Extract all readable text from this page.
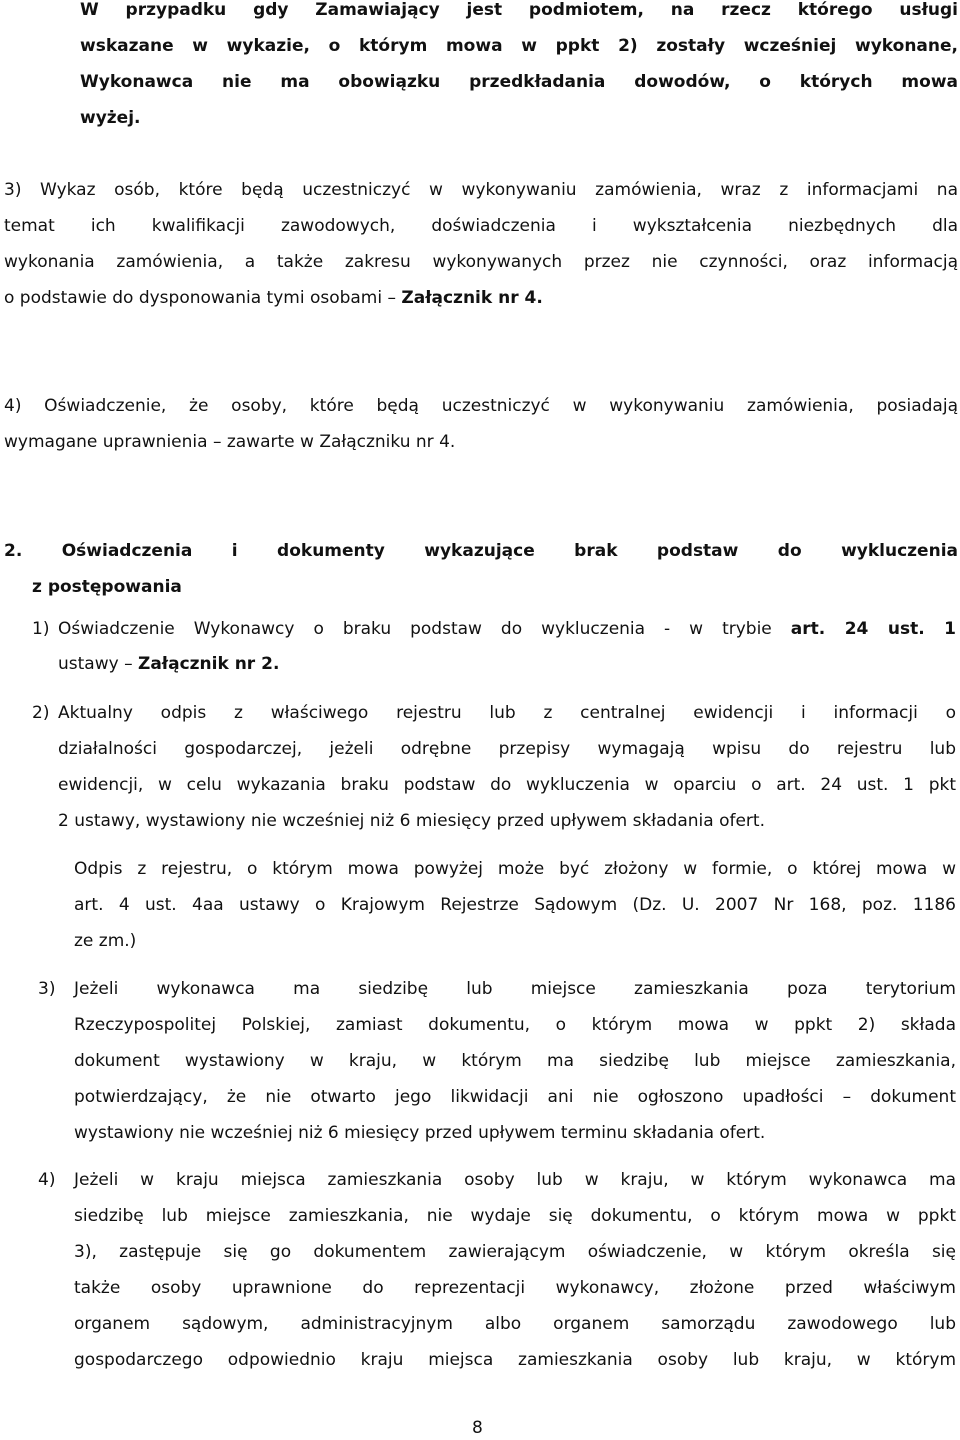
W przypadku gdy Zamawiający jest podmiotem, na rzecz którego usługi
wskazane w wykazie, o którym mowa w ppkt 2) zostały wcześniej wykonane,
Wykonawca nie ma obowiązku przedkładania dowodów, o których mowa
wyżej.
3) Wykaz osób, które będą uczestniczyć w wykonywaniu zamówienia, wraz z informacjami na
temat ich kwalifikacji zawodowych, doświadczenia i wykształcenia niezbędnych dla
wykonania zamówienia, a także zakresu wykonywanych przez nie czynności, oraz informacją
o podstawie do dysponowania tymi osobami – Załącznik nr 4.
4) Oświadczenie, że osoby, które będą uczestniczyć w wykonywaniu zamówienia, posiadają
wymagane uprawnienia – zawarte w Załączniku nr 4.
2. Oświadczenia i dokumenty wykazujące brak podstaw do wykluczenia
z postępowania
1) Oświadczenie Wykonawcy o braku podstaw do wykluczenia - w trybie art. 24 ust. 1
ustawy – Załącznik nr 2.
2) Aktualny odpis z właściwego rejestru lub z centralnej ewidencji i informacji o
działalności gospodarczej, jeżeli odrębne przepisy wymagają wpisu do rejestru lub
ewidencji, w celu wykazania braku podstaw do wykluczenia w oparciu o art. 24 ust. 1 pkt
2 ustawy, wystawiony nie wcześniej niż 6 miesięcy przed upływem składania ofert.
Odpis z rejestru, o którym mowa powyżej może być złożony w formie, o której mowa w
art. 4 ust. 4aa ustawy o Krajowym Rejestrze Sądowym (Dz. U. 2007 Nr 168, poz. 1186
ze zm.)
3) Jeżeli wykonawca ma siedzibę lub miejsce zamieszkania poza terytorium
Rzeczypospolitej Polskiej, zamiast dokumentu, o którym mowa w ppkt 2) składa
dokument wystawiony w kraju, w którym ma siedzibę lub miejsce zamieszkania,
potwierdzający, że nie otwarto jego likwidacji ani nie ogłoszono upadłości – dokument
wystawiony nie wcześniej niż 6 miesięcy przed upływem terminu składania ofert.
4) Jeżeli w kraju miejsca zamieszkania osoby lub w kraju, w którym wykonawca ma
siedzibę lub miejsce zamieszkania, nie wydaje się dokumentu, o którym mowa w ppkt
3), zastępuje się go dokumentem zawierającym oświadczenie, w którym określa się
także osoby uprawnione do reprezentacji wykonawcy, złożone przed właściwym
organem sądowym, administracyjnym albo organem samorządu zawodowego lub
gospodarczego odpowiednio kraju miejsca zamieszkania osoby lub kraju, w którym
8
